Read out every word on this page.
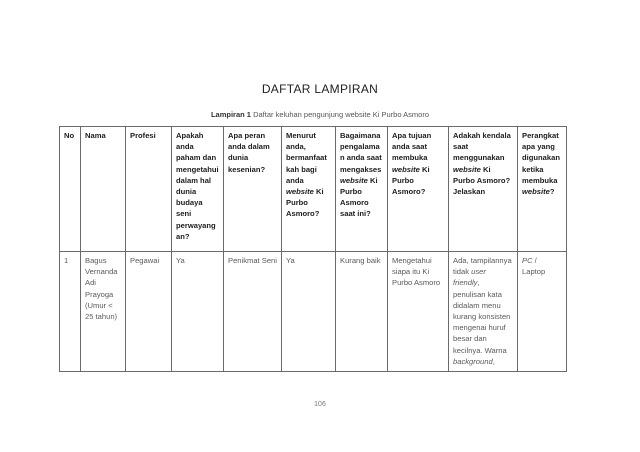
DAFTAR LAMPIRAN
Lampiran 1 Daftar keluhan pengunjung website Ki Purbo Asmoro
No	Nama	Profesi	Apakah anda paham dan mengetahui dalam hal dunia budaya seni perwayangan?	Apa peran anda dalam dunia kesenian?	Menurut anda, bermanfaatkah bagi anda website Ki Purbo Asmoro?	Bagaimana pengalaman anda saat mengakses website Ki Purbo Asmoro saat ini?	Apa tujuan anda saat membuka website Ki Purbo Asmoro?	Adakah kendala saat menggunakan website Ki Purbo Asmoro? Jelaskan	Perangkat apa yang digunakan ketika membuka website?
1	Bagus Vernanda Adi Prayoga (Umur < 25 tahun)	Pegawai	Ya	Penikmat Seni	Ya	Kurang baik	Mengetahui siapa itu Ki Purbo Asmoro	Ada, tampilannya tidak user friendly, penulisan kata didalam menu kurang konsisten mengenai huruf besar dan kecilnya. Warna background,	PC / Laptop
106
